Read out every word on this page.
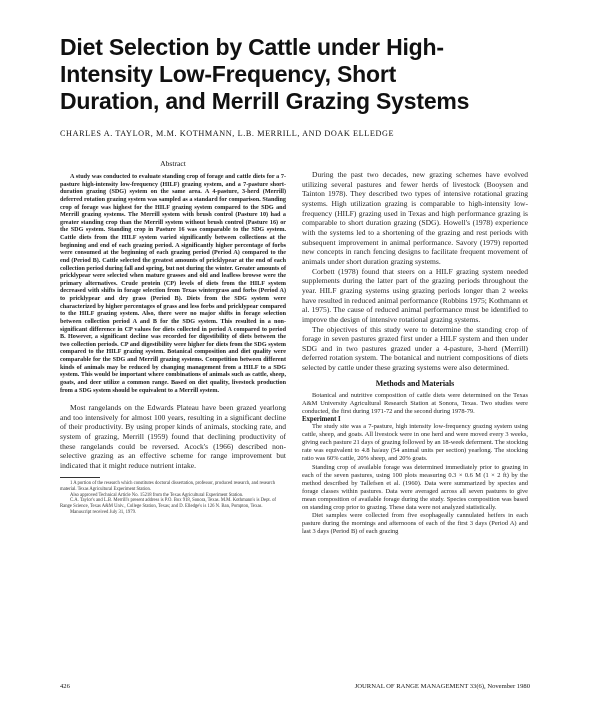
Diet Selection by Cattle under High-Intensity Low-Frequency, Short Duration, and Merrill Grazing Systems
CHARLES A. TAYLOR, M.M. KOTHMANN, L.B. MERRILL, AND DOAK ELLEDGE
Abstract

A study was conducted to evaluate standing crop of forage and cattle diets for a 7-pasture high-intensity low-frequency (HILF) grazing system, and a 7-pasture short-duration grazing (SDG) system on the same area. A 4-pasture, 3-herd (Merrill) deferred rotation grazing system was sampled as a standard for comparison. Standing crop of forage was highest for the HILF grazing system compared to the SDG and Merrill grazing systems. The Merrill system with brush control (Pasture 10) had a greater standing crop than the Merrill system without brush control (Pasture 16) or the SDG system. Standing crop in Pasture 16 was comparable to the SDG system. Cattle diets from the HILF system varied significantly between collections at the beginning and end of each grazing period. A significantly higher percentage of forbs were consumed at the beginning of each grazing period (Period A) compared to the end (Period B). Cattle selected the greatest amounts of pricklypear at the end of each collection period during fall and spring, but not during the winter. Greater amounts of pricklypear were selected when mature grasses and old and leafless browse were the primary alternatives. Crude protein (CP) levels of diets from the HILF system decreased with shifts in forage selection from Texas wintergrass and forbs (Period A) to pricklypear and dry grass (Period B). Diets from the SDG system were characterized by higher percentages of grass and less forbs and pricklypear compared to the HILF grazing system. Also, there were no major shifts in forage selection between collection period A and B for the SDG system. This resulted in a non-significant difference in CP values for diets collected in period A compared to period B. However, a significant decline was recorded for digestibility of diets between the two collection periods. CP and digestibility were higher for diets from the SDG system compared to the HILF grazing system. Botanical composition and diet quality were comparable for the SDG and Merrill grazing systems. Competition between different kinds of animals may be reduced by changing management from a HILF to a SDG system. This would be important where combinations of animals such as cattle, sheep, goats, and deer utilize a common range. Based on diet quality, livestock production from a SDG system should be equivalent to a Merrill system.

Most rangelands on the Edwards Plateau have been grazed yearlong and too intensively for almost 100 years, resulting in a significant decline of their productivity. By using proper kinds of animals, stocking rate, and system of grazing, Merrill (1959) found that declining productivity of these rangelands could be reversed. Acock's (1966) described non-selective grazing as an effective scheme for range improvement but indicated that it might reduce nutrient intake.

1 A portion of the research which constitutes doctoral dissertation, professor, produced research, and research material. Texas Agricultural Experiment Station.

Also approved Technical Article No. 15218 from the Texas Agricultural Experiment Station.

C.A. Taylor's and L.B. Merrill's present address is P.O. Box 918, Sonora, Texas. M.M. Kothmann's is Dept. of Range Science, Texas A&M Univ., College Station, Texas; and D. Elledge's is 126 N. Ban, Pompton, Texas.

Manuscript received July 31, 1979.

During the past two decades, new grazing schemes have evolved utilizing several pastures and fewer herds of livestock (Booysen and Tainton 1978). They described two types of intensive rotational grazing systems. High utilization grazing is comparable to high-intensity low-frequency (HILF) grazing used in Texas and high performance grazing is comparable to short duration grazing (SDG). Howell's (1978) experience with the systems led to a shortening of the grazing and rest periods with subsequent improvement in animal performance. Savory (1979) reported new concepts in ranch fencing designs to facilitate frequent movement of animals under short duration grazing systems.

Corbett (1978) found that steers on a HILF grazing system needed supplements during the latter part of the grazing periods throughout the year. HILF grazing systems using grazing periods longer than 2 weeks have resulted in reduced animal performance (Robbins 1975; Kothmann et al. 1975). The cause of reduced animal performance must be identified to improve the design of intensive rotational grazing systems.

The objectives of this study were to determine the standing crop of forage in seven pastures grazed first under a HILF system and then under SDG and in two pastures grazed under a 4-pasture, 3-herd (Merrill) deferred rotation system. The botanical and nutrient compositions of diets selected by cattle under these grazing systems were also determined.

Methods and Materials

Botanical and nutritive composition of cattle diets were determined on the Texas A&M University Agricultural Research Station at Sonora, Texas. Two studies were conducted, the first during 1971-72 and the second during 1978-79.

Experiment I

The study site was a 7-pasture, high intensity low-frequency grazing system using cattle, sheep, and goats. All livestock were in one herd and were moved every 3 weeks, giving each pasture 21 days of grazing followed by an 18-week deferment. The stocking rate was equivalent to 4.8 ha/auy (54 animal units per section) yearlong. The stocking ratio was 60% cattle, 20% sheep, and 20% goats.

Standing crop of available forage was determined immediately prior to grazing in each of the seven pastures, using 100 plots measuring 0.3 × 0.6 M (1 × 2 ft) by the method described by Tallefsen et al. (1960). Data were summarized by species and forage classes within pastures. Data were averaged across all seven pastures to give mean composition of available forage during the study. Species composition was based on standing crop prior to grazing. These data were not analyzed statistically.

Diet samples were collected from five esophageally cannulated heifers in each pasture during the mornings and afternoons of each of the first 3 days (Period A) and last 3 days (Period B) of each grazing

426	JOURNAL OF RANGE MANAGEMENT 33(6), November 1980
